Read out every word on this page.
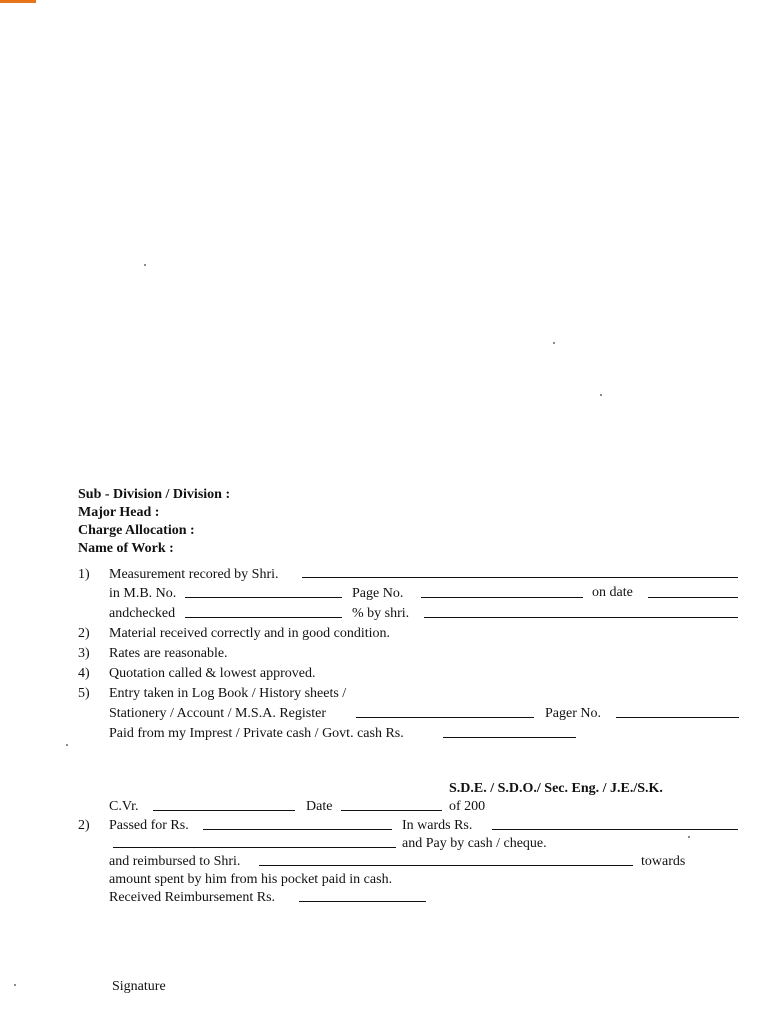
Sub - Division / Division :
Major Head :
Charge Allocation :
Name of Work :
1) Measurement recored by Shri.
in M.B. No.	Page No.	on date
andchecked	% by shri.
2) Material received correctly and in good condition.
3) Rates are reasonable.
4) Quotation called & lowest approved.
5) Entry taken in Log Book / History sheets /
Stationery / Account / M.S.A. Register	Pager No.
Paid from my Imprest / Private cash / Govt. cash Rs.
S.D.E. / S.D.O./ Sec. Eng. / J.E./S.K.
C.Vr.	Date	of 200
2) Passed for Rs.	In wards Rs.
and Pay by cash / cheque.
and reimbursed to Shri.	towards
amount spent by him from his pocket paid in cash.
Received Reimbursement Rs.
Signature
